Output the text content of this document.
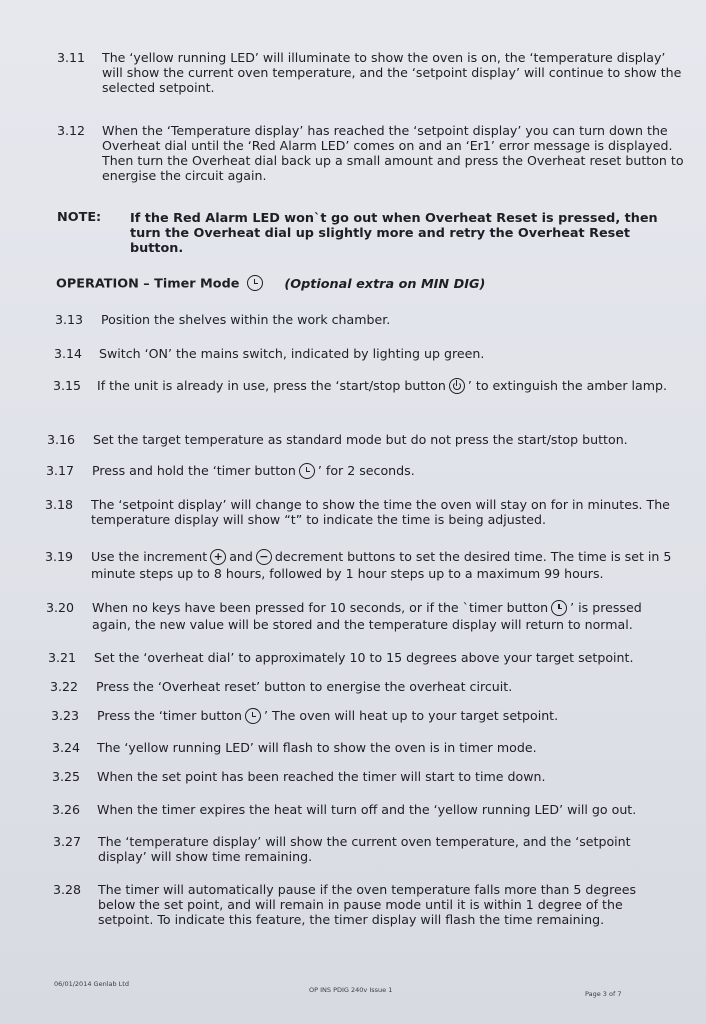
3.11	The ‘yellow running LED’ will illuminate to show the oven is on, the ‘temperature display’ will show the current oven temperature, and the ‘setpoint display’ will continue to show the selected setpoint.
3.12	When the ‘Temperature display’ has reached the ‘setpoint display’ you can turn down the Overheat dial until the ‘Red Alarm LED’ comes on and an ‘Er1’ error message is displayed. Then turn the Overheat dial back up a small amount and press the Overheat reset button to energise the circuit again.
NOTE: If the Red Alarm LED won`t go out when Overheat Reset is pressed, then turn the Overheat dial up slightly more and retry the Overheat Reset button.
OPERATION – Timer Mode	(Optional extra on MIN DIG)
3.13	Position the shelves within the work chamber.
3.14	Switch ‘ON’ the mains switch, indicated by lighting up green.
3.15	If the unit is already in use, press the ‘start/stop button ’ to extinguish the amber lamp.
3.16	Set the target temperature as standard mode but do not press the start/stop button.
3.17	Press and hold the ‘timer button ’ for 2 seconds.
3.18	The ‘setpoint display’ will change to show the time the oven will stay on for in minutes. The temperature display will show “t” to indicate the time is being adjusted.
3.19	Use the increment + and − decrement buttons to set the desired time. The time is set in 5 minute steps up to 8 hours, followed by 1 hour steps up to a maximum 99 hours.
3.20	When no keys have been pressed for 10 seconds, or if the `timer button ’ is pressed again, the new value will be stored and the temperature display will return to normal.
3.21	Set the ‘overheat dial’ to approximately 10 to 15 degrees above your target setpoint.
3.22	Press the ‘Overheat reset’ button to energise the overheat circuit.
3.23	Press the ‘timer button ’ The oven will heat up to your target setpoint.
3.24	The ‘yellow running LED’ will flash to show the oven is in timer mode.
3.25	When the set point has been reached the timer will start to time down.
3.26	When the timer expires the heat will turn off and the ‘yellow running LED’ will go out.
3.27	The ‘temperature display’ will show the current oven temperature, and the ‘setpoint display’ will show time remaining.
3.28	The timer will automatically pause if the oven temperature falls more than 5 degrees below the set point, and will remain in pause mode until it is within 1 degree of the setpoint. To indicate this feature, the timer display will flash the time remaining.
06/01/2014 Genlab Ltd
OP INS PDIG 240v Issue 1	Page 3 of 7
